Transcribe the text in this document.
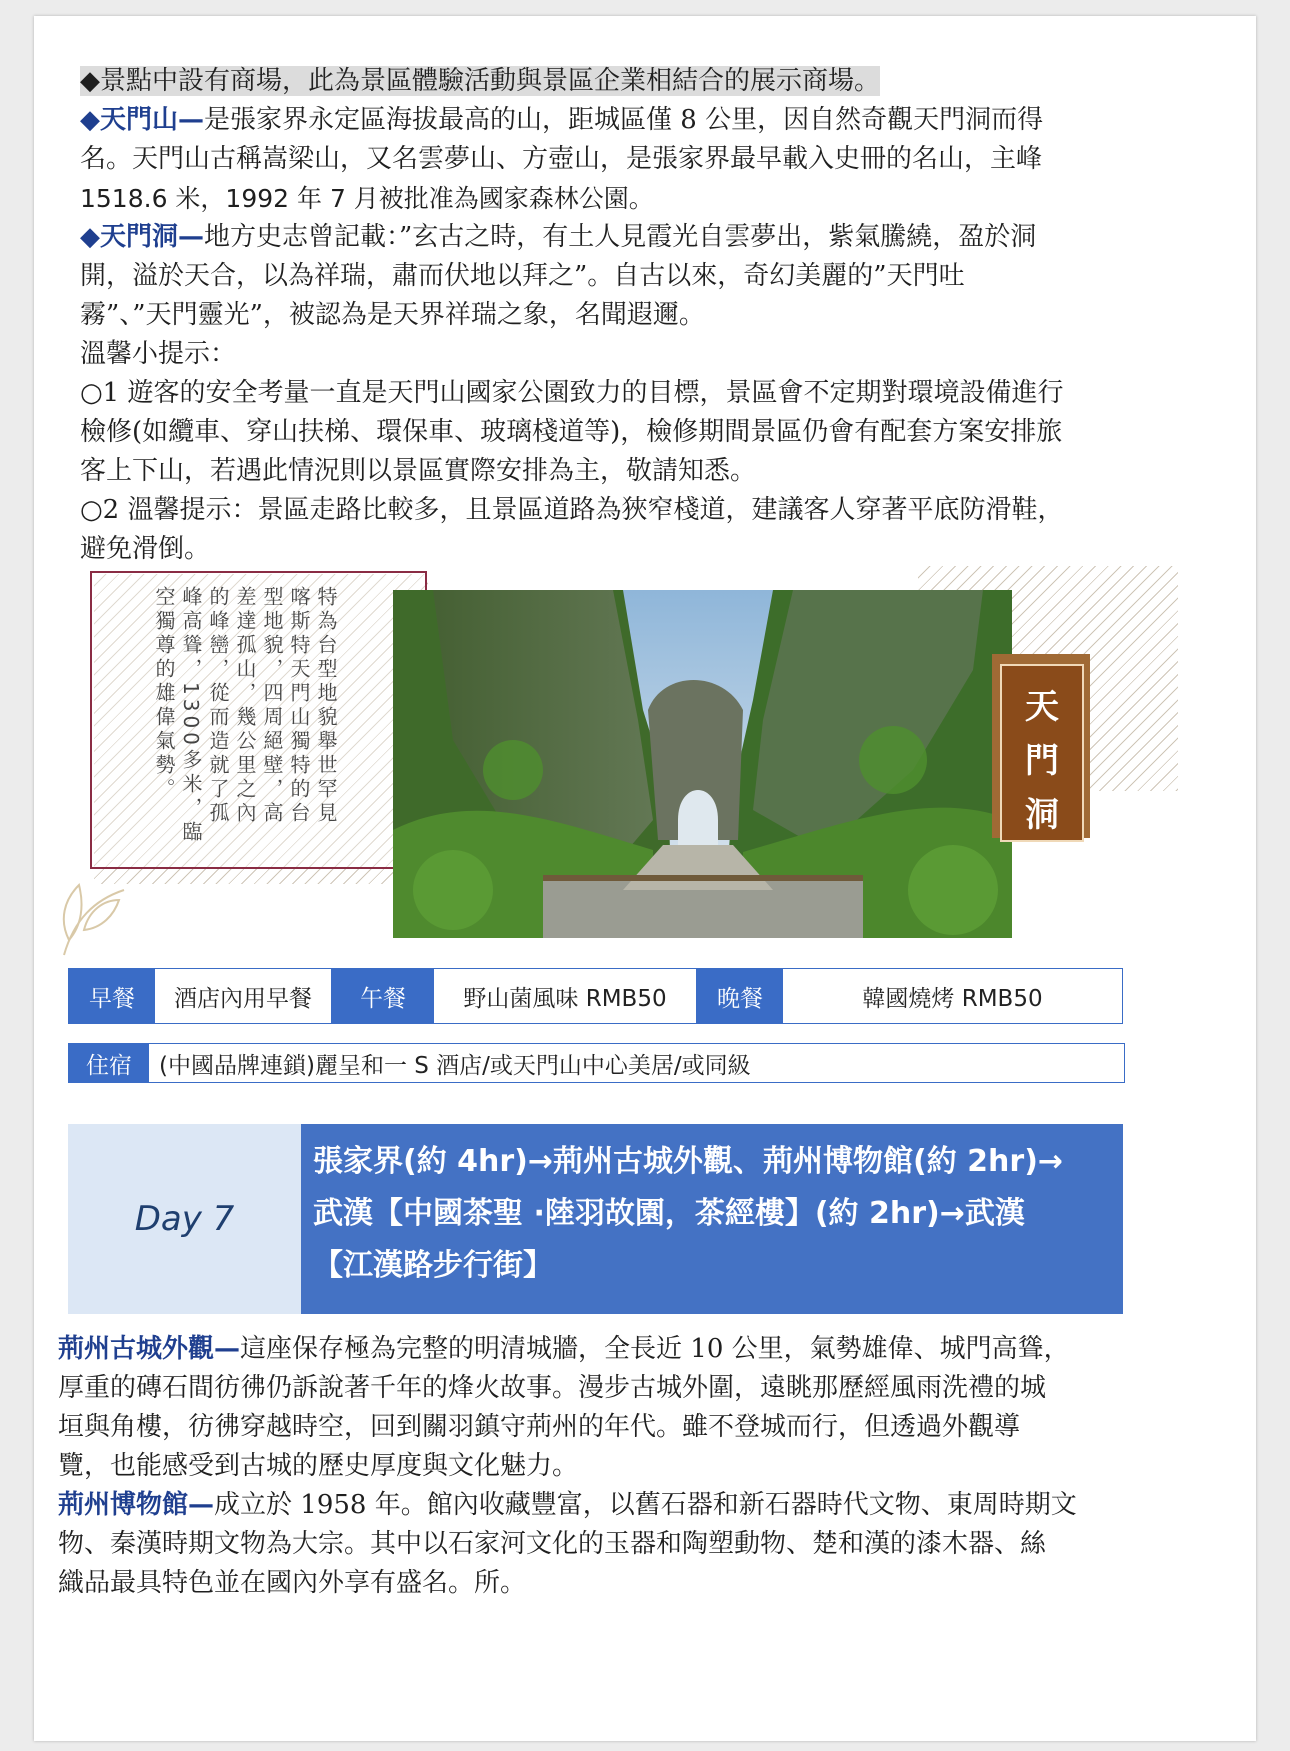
◆景點中設有商場，此為景區體驗活動與景區企業相結合的展示商場。

◆天門山—是張家界永定區海拔最高的山，距城區僅 8 公里，因自然奇觀天門洞而得

名。天門山古稱嵩梁山，又名雲夢山、方壺山，是張家界最早載入史冊的名山，主峰

1518.6 米，1992 年 7 月被批准為國家森林公園。

◆天門洞—地方史志曾記載：”玄古之時，有土人見霞光自雲夢出，紫氣騰繞，盈於洞

開，溢於天合，以為祥瑞，肅而伏地以拜之”。自古以來，奇幻美麗的”天門吐

霧”、”天門靈光”，被認為是天界祥瑞之象，名聞遐邇。

溫馨小提示：

○1 遊客的安全考量一直是天門山國家公園致力的目標，景區會不定期對環境設備進行

檢修(如纜車、穿山扶梯、環保車、玻璃棧道等)，檢修期間景區仍會有配套方案安排旅

客上下山，若遇此情況則以景區實際安排為主，敬請知悉。

○2 溫馨提示：景區走路比較多，且景區道路為狹窄棧道，建議客人穿著平底防滑鞋，

避免滑倒。

特為台型地貌舉世罕見喀斯特天門山獨特的台型地貌，四周絕壁，高差達孤山，幾公里之內的峰巒，從而造就了孤峰高聳，1300多米，臨空獨尊的雄偉氣勢。	天
門
洞
早餐	酒店內用早餐	午餐	野山菌風味 RMB50	晚餐	韓國燒烤 RMB50
住宿	(中國品牌連鎖)麗呈和一 S 酒店/或天門山中心美居/或同級
Day 7
張家界(約 4hr)→荊州古城外觀、荊州博物館(約 2hr)→
武漢【中國茶聖 ·陸羽故園，茶經樓】(約 2hr)→武漢
【江漢路步行街】

荊州古城外觀—這座保存極為完整的明清城牆，全長近 10 公里，氣勢雄偉、城門高聳，

厚重的磚石間彷彿仍訴說著千年的烽火故事。漫步古城外圍，遠眺那歷經風雨洗禮的城

垣與角樓，彷彿穿越時空，回到關羽鎮守荊州的年代。雖不登城而行，但透過外觀導

覽，也能感受到古城的歷史厚度與文化魅力。

荊州博物館—成立於 1958 年。館內收藏豐富，以舊石器和新石器時代文物、東周時期文

物、秦漢時期文物為大宗。其中以石家河文化的玉器和陶塑動物、楚和漢的漆木器、絲

織品最具特色並在國內外享有盛名。所。
